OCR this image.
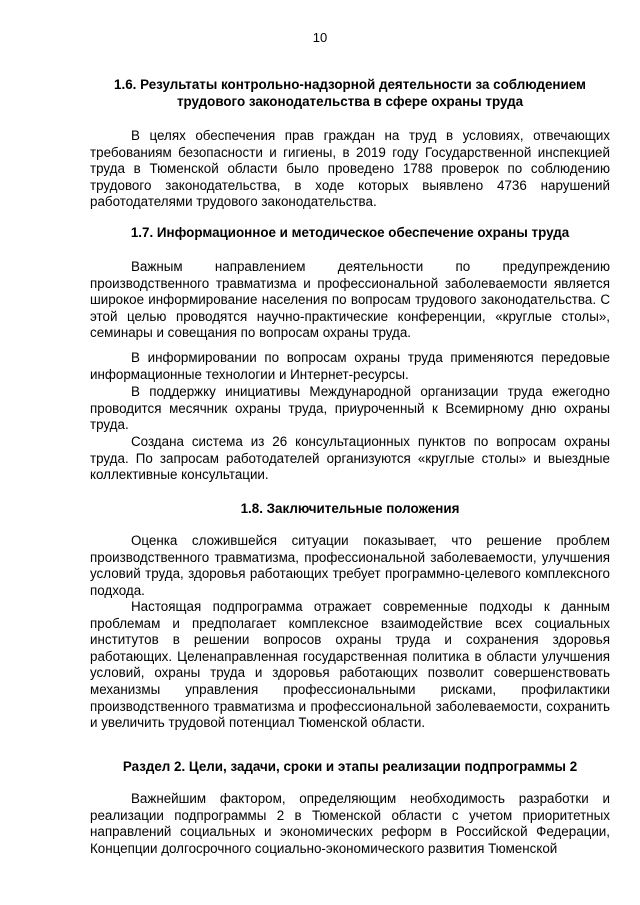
10
1.6. Результаты контрольно-надзорной деятельности за соблюдением трудового законодательства в сфере охраны труда

В целях обеспечения прав граждан на труд в условиях, отвечающих требованиям безопасности и гигиены, в 2019 году Государственной инспекцией труда в Тюменской области было проведено 1788 проверок по соблюдению трудового законодательства, в ходе которых выявлено 4736 нарушений работодателями трудового законодательства.

1.7. Информационное и методическое обеспечение охраны труда

Важным направлением деятельности по предупреждению производственного травматизма и профессиональной заболеваемости является широкое информирование населения по вопросам трудового законодательства. С этой целью проводятся научно-практические конференции, «круглые столы», семинары и совещания по вопросам охраны труда.

В информировании по вопросам охраны труда применяются передовые информационные технологии и Интернет-ресурсы.

В поддержку инициативы Международной организации труда ежегодно проводится месячник охраны труда, приуроченный к Всемирному дню охраны труда.

Создана система из 26 консультационных пунктов по вопросам охраны труда. По запросам работодателей организуются «круглые столы» и выездные коллективные консультации.

1.8. Заключительные положения

Оценка сложившейся ситуации показывает, что решение проблем производственного травматизма, профессиональной заболеваемости, улучшения условий труда, здоровья работающих требует программно-целевого комплексного подхода.

Настоящая подпрограмма отражает современные подходы к данным проблемам и предполагает комплексное взаимодействие всех социальных институтов в решении вопросов охраны труда и сохранения здоровья работающих. Целенаправленная государственная политика в области улучшения условий, охраны труда и здоровья работающих позволит совершенствовать механизмы управления профессиональными рисками, профилактики производственного травматизма и профессиональной заболеваемости, сохранить и увеличить трудовой потенциал Тюменской области.

Раздел 2. Цели, задачи, сроки и этапы реализации подпрограммы 2

Важнейшим фактором, определяющим необходимость разработки и реализации подпрограммы 2 в Тюменской области с учетом приоритетных направлений социальных и экономических реформ в Российской Федерации, Концепции долгосрочного социально-экономического развития Тюменской
